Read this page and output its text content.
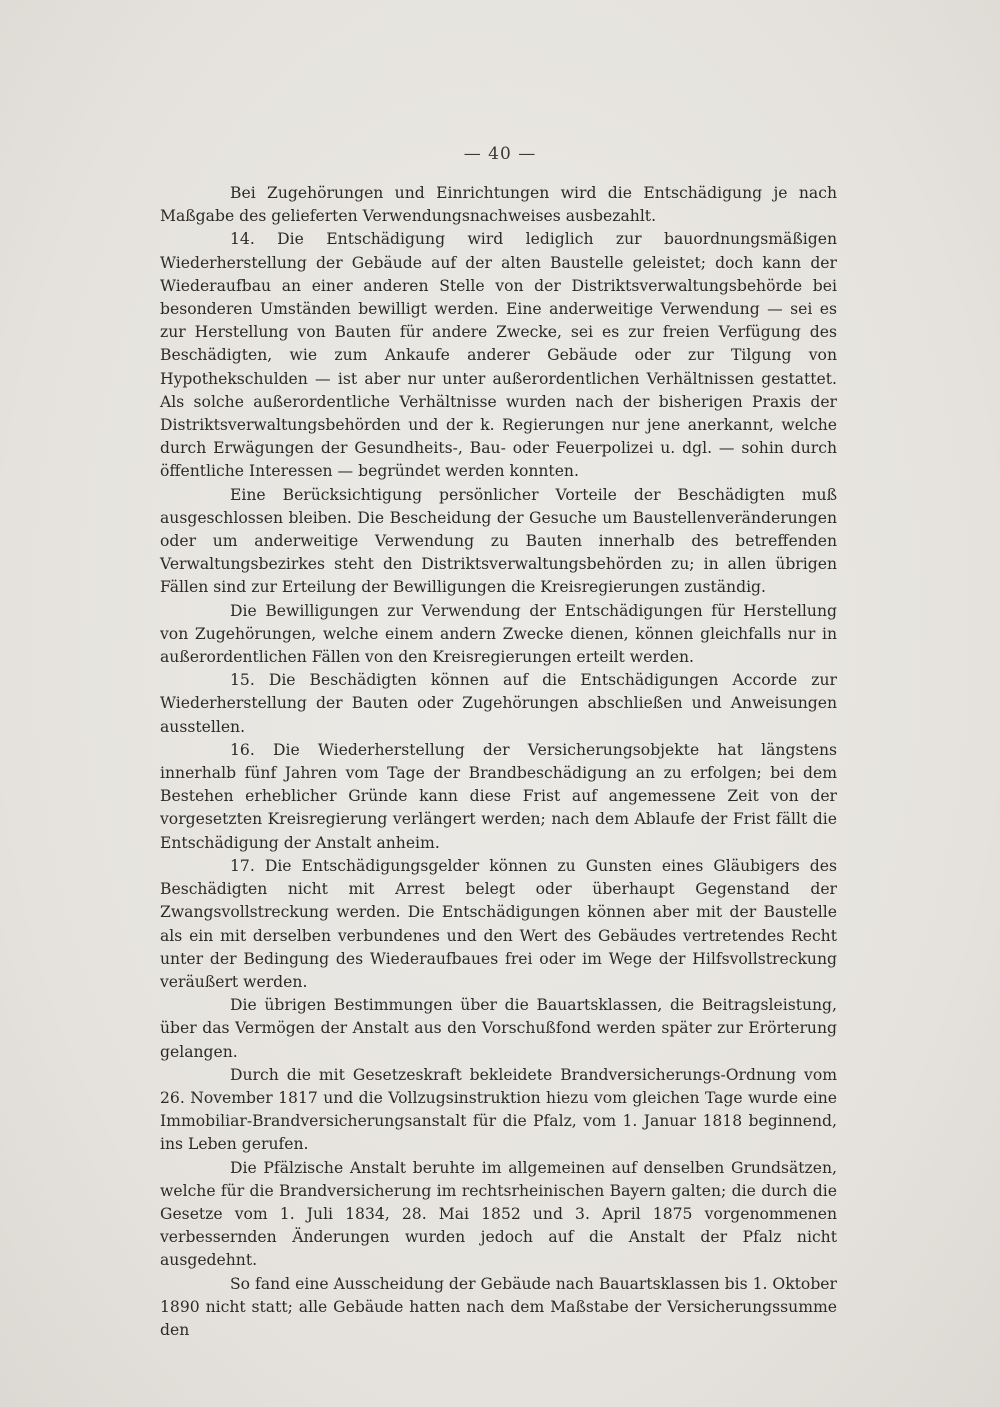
— 40 —

Bei Zugehörungen und Einrichtungen wird die Entschädigung je nach Maßgabe des gelieferten Verwendungsnachweises ausbezahlt.

14. Die Entschädigung wird lediglich zur bauordnungsmäßigen Wiederherstellung der Gebäude auf der alten Baustelle geleistet; doch kann der Wiederaufbau an einer anderen Stelle von der Distriktsverwaltungsbehörde bei besonderen Umständen bewilligt werden. Eine anderweitige Verwendung — sei es zur Herstellung von Bauten für andere Zwecke, sei es zur freien Verfügung des Beschädigten, wie zum Ankaufe anderer Gebäude oder zur Tilgung von Hypothekschulden — ist aber nur unter außerordentlichen Verhältnissen gestattet. Als solche außerordentliche Verhältnisse wurden nach der bisherigen Praxis der Distriktsverwaltungsbehörden und der k. Regierungen nur jene anerkannt, welche durch Erwägungen der Gesundheits-, Bau- oder Feuerpolizei u. dgl. — sohin durch öffentliche Interessen — begründet werden konnten.

Eine Berücksichtigung persönlicher Vorteile der Beschädigten muß ausgeschlossen bleiben. Die Bescheidung der Gesuche um Baustellenveränderungen oder um anderweitige Verwendung zu Bauten innerhalb des betreffenden Verwaltungsbezirkes steht den Distriktsverwaltungsbehörden zu; in allen übrigen Fällen sind zur Erteilung der Bewilligungen die Kreisregierungen zuständig.

Die Bewilligungen zur Verwendung der Entschädigungen für Herstellung von Zugehörungen, welche einem andern Zwecke dienen, können gleichfalls nur in außerordentlichen Fällen von den Kreisregierungen erteilt werden.

15. Die Beschädigten können auf die Entschädigungen Accorde zur Wiederherstellung der Bauten oder Zugehörungen abschließen und Anweisungen ausstellen.

16. Die Wiederherstellung der Versicherungsobjekte hat längstens innerhalb fünf Jahren vom Tage der Brandbeschädigung an zu erfolgen; bei dem Bestehen erheblicher Gründe kann diese Frist auf angemessene Zeit von der vorgesetzten Kreisregierung verlängert werden; nach dem Ablaufe der Frist fällt die Entschädigung der Anstalt anheim.

17. Die Entschädigungsgelder können zu Gunsten eines Gläubigers des Beschädigten nicht mit Arrest belegt oder überhaupt Gegenstand der Zwangsvollstreckung werden. Die Entschädigungen können aber mit der Baustelle als ein mit derselben verbundenes und den Wert des Gebäudes vertretendes Recht unter der Bedingung des Wiederaufbaues frei oder im Wege der Hilfsvollstreckung veräußert werden.

Die übrigen Bestimmungen über die Bauartsklassen, die Beitragsleistung, über das Vermögen der Anstalt aus den Vorschußfond werden später zur Erörterung gelangen.

Durch die mit Gesetzeskraft bekleidete Brandversicherungs-Ordnung vom 26. November 1817 und die Vollzugsinstruktion hiezu vom gleichen Tage wurde eine Immobiliar-Brandversicherungsanstalt für die Pfalz, vom 1. Januar 1818 beginnend, ins Leben gerufen.

Die Pfälzische Anstalt beruhte im allgemeinen auf denselben Grundsätzen, welche für die Brandversicherung im rechtsrheinischen Bayern galten; die durch die Gesetze vom 1. Juli 1834, 28. Mai 1852 und 3. April 1875 vorgenommenen verbessernden Änderungen wurden jedoch auf die Anstalt der Pfalz nicht ausgedehnt.

So fand eine Ausscheidung der Gebäude nach Bauartsklassen bis 1. Oktober 1890 nicht statt; alle Gebäude hatten nach dem Maßstabe der Versicherungssumme den
